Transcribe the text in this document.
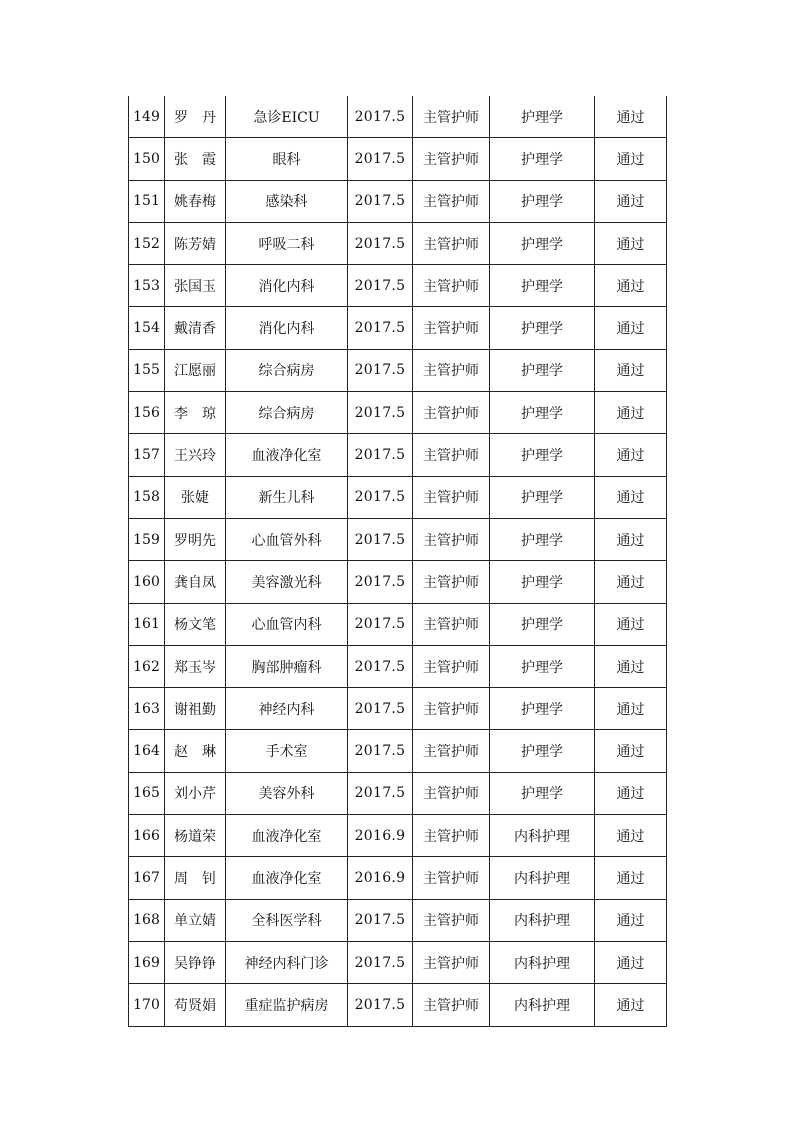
149	罗　丹	急诊EICU	2017.5	主管护师	护理学	通过
150	张　霞	眼科	2017.5	主管护师	护理学	通过
151	姚春梅	感染科	2017.5	主管护师	护理学	通过
152	陈芳婧	呼吸二科	2017.5	主管护师	护理学	通过
153	张国玉	消化内科	2017.5	主管护师	护理学	通过
154	戴清香	消化内科	2017.5	主管护师	护理学	通过
155	江愿丽	综合病房	2017.5	主管护师	护理学	通过
156	李　琼	综合病房	2017.5	主管护师	护理学	通过
157	王兴玲	血液净化室	2017.5	主管护师	护理学	通过
158	张婕	新生儿科	2017.5	主管护师	护理学	通过
159	罗明先	心血管外科	2017.5	主管护师	护理学	通过
160	龚自凤	美容激光科	2017.5	主管护师	护理学	通过
161	杨文笔	心血管内科	2017.5	主管护师	护理学	通过
162	郑玉岑	胸部肿瘤科	2017.5	主管护师	护理学	通过
163	谢祖勤	神经内科	2017.5	主管护师	护理学	通过
164	赵　琳	手术室	2017.5	主管护师	护理学	通过
165	刘小芹	美容外科	2017.5	主管护师	护理学	通过
166	杨道荣	血液净化室	2016.9	主管护师	内科护理	通过
167	周　钊	血液净化室	2016.9	主管护师	内科护理	通过
168	单立婧	全科医学科	2017.5	主管护师	内科护理	通过
169	吴铮铮	神经内科门诊	2017.5	主管护师	内科护理	通过
170	苟贤娟	重症监护病房	2017.5	主管护师	内科护理	通过
